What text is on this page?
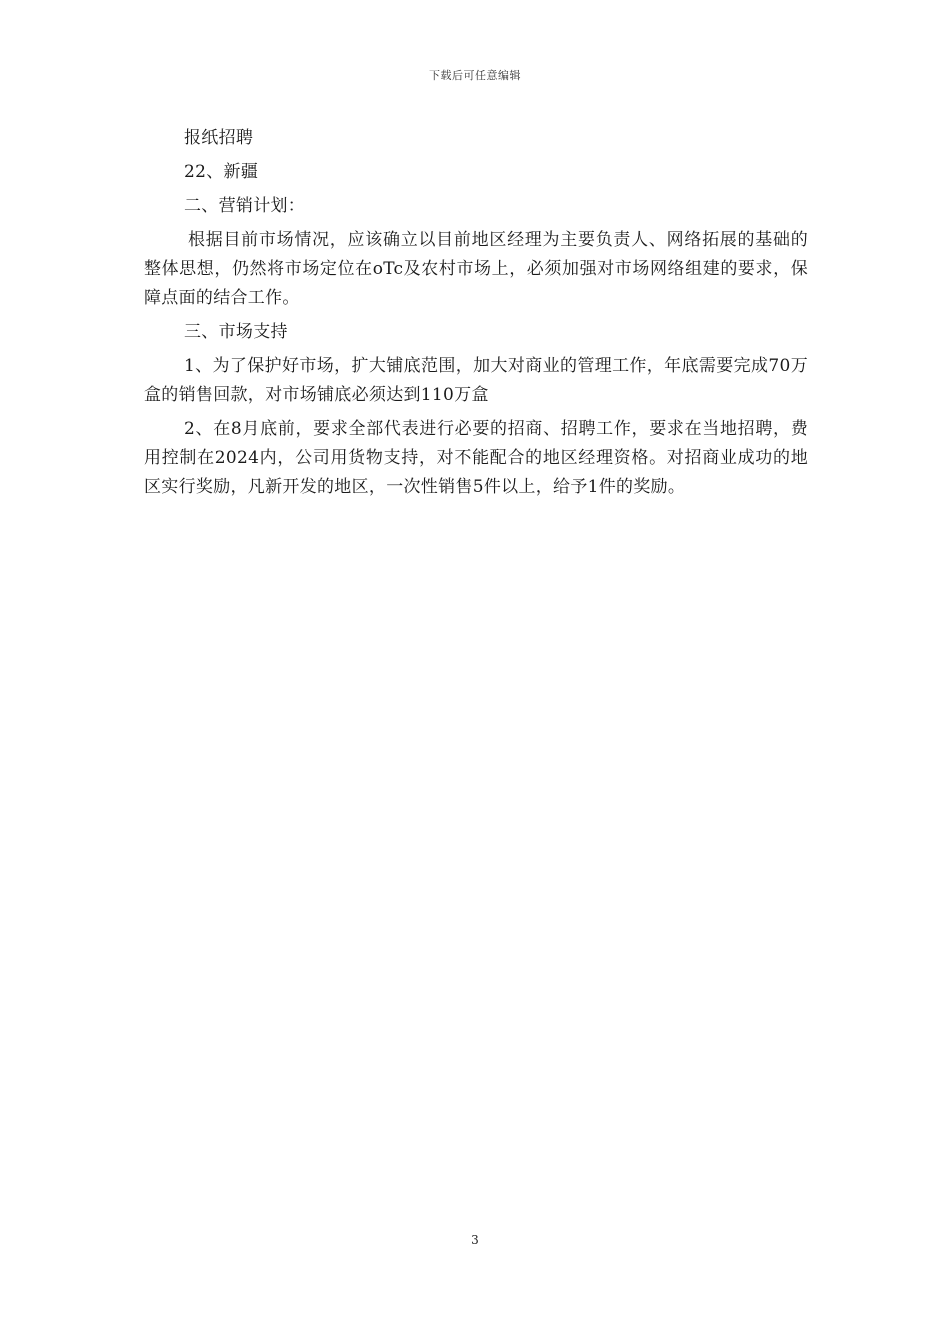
下载后可任意编辑

报纸招聘

22、新疆

二、营销计划：

根据目前市场情况，应该确立以目前地区经理为主要负责人、网络拓展的基础的整体思想，仍然将市场定位在oTc及农村市场上，必须加强对市场网络组建的要求，保障点面的结合工作。

三、市场支持

1、为了保护好市场，扩大铺底范围，加大对商业的管理工作，年底需要完成70万盒的销售回款，对市场铺底必须达到110万盒

2、在8月底前，要求全部代表进行必要的招商、招聘工作，要求在当地招聘，费用控制在2024内，公司用货物支持，对不能配合的地区经理资格。对招商业成功的地区实行奖励，凡新开发的地区，一次性销售5件以上，给予1件的奖励。

3
